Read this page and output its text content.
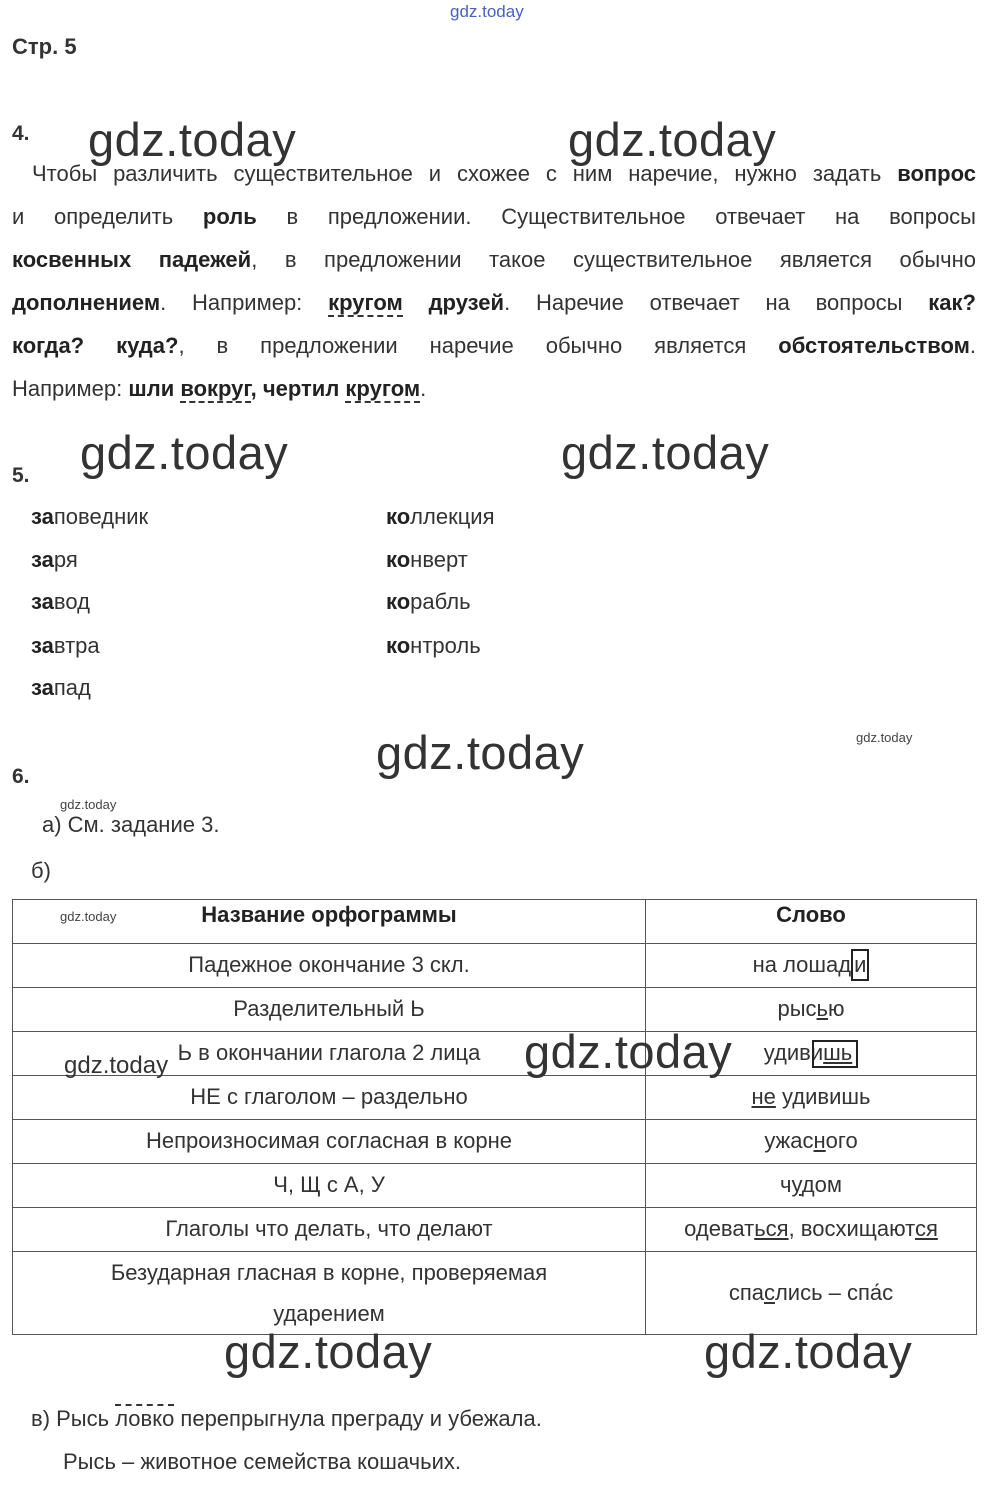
gdz.today
Стр. 5
4. gdz.today	gdz.today
Чтобы различить существительное и схожее с ним наречие, нужно задать вопрос
и определить роль в предложении. Существительное отвечает на вопросы
косвенных падежей, в предложении такое существительное является обычно
дополнением. Например: кругом друзей. Наречие отвечает на вопросы как?
когда? куда?, в предложении наречие обычно является обстоятельством.
Например: шли вокруг, чертил кругом.
gdz.today	gdz.today
5.
заповедник
заря
завод
завтра
запад
коллекция
конверт
корабль
контроль
gdz.today	gdz.today
6.
gdz.today
а) См. задание 3.
б)
Название орфограммы	Слово
Падежное окончание 3 скл.	на лошад и
Разделительный Ь	рысью
Ь в окончании глагола 2 лица	удивишь
НЕ с глаголом – раздельно	не удивишь
Непроизносимая согласная в корне	ужасного
Ч, Щ с А, У	чудом
Глаголы что делать, что делают	одеваться, восхищаются
Безударная гласная в корне, проверяемая
ударением	спаслись – спа́с
gdz.today
gdz.today	gdz.today
gdz.today	gdz.today
в) Рысь ловко перепрыгнула преграду и убежала.
Рысь – животное семейства кошачьих.
